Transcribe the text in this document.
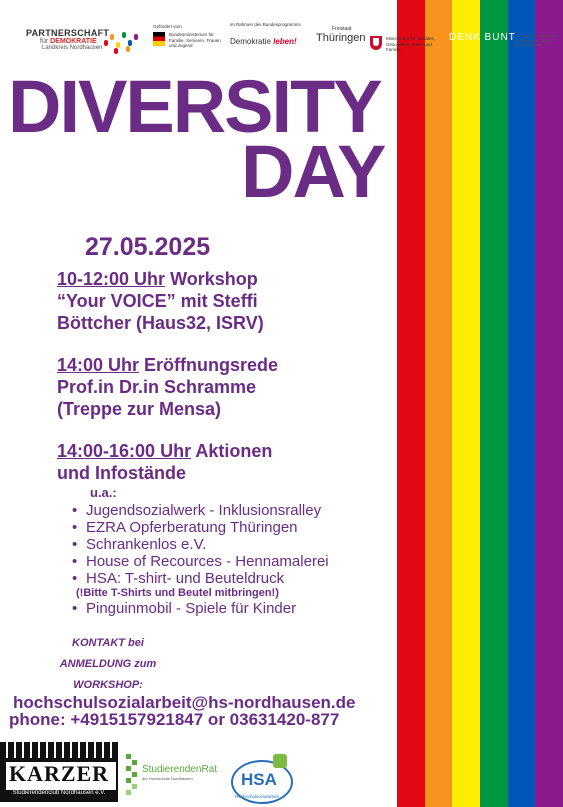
PARTNERSCHAFT
für DEMOKRATIE
Landkreis Nordhausen
Gefördert vom
Bundesministerium für Familie, Senioren, Frauen und Jugend
im Rahmen des Bundesprogramms
Demokratie leben!
Freistaat
Thüringen	Ministerium für Soziales, Gesundheit, Arbeit und Familie
DENK BUNT Thüringer Landesprogramm für Demokratie, Toleranz und Weltoffenheit
DIVERSITY
DAY
27.05.2025
10-12:00 Uhr Workshop
“Your VOICE” mit Steffi
Böttcher (Haus32, ISRV)
14:00 Uhr Eröffnungsrede
Prof.in Dr.in Schramme
(Treppe zur Mensa)
14:00-16:00 Uhr Aktionen
und Infostände
u.a.:
• Jugendsozialwerk - Inklusionsralley
• EZRA Opferberatung Thüringen
• Schrankenlos e.V.
• House of Recources - Hennamalerei
• HSA: T-shirt- und Beuteldruck
(!Bitte T-Shirts und Beutel mitbringen!)
• Pinguinmobil - Spiele für Kinder
KONTAKT bei
ANMELDUNG zum
WORKSHOP:
hochschulsozialarbeit@hs-nordhausen.de
phone: +4915157921847 or 03631420-877
KARZER
Studierendenclub Nordhausen e.V.
StudierendenRat
der Hochschule Nordhausen	HSA
Hochschulsozialarbeit
